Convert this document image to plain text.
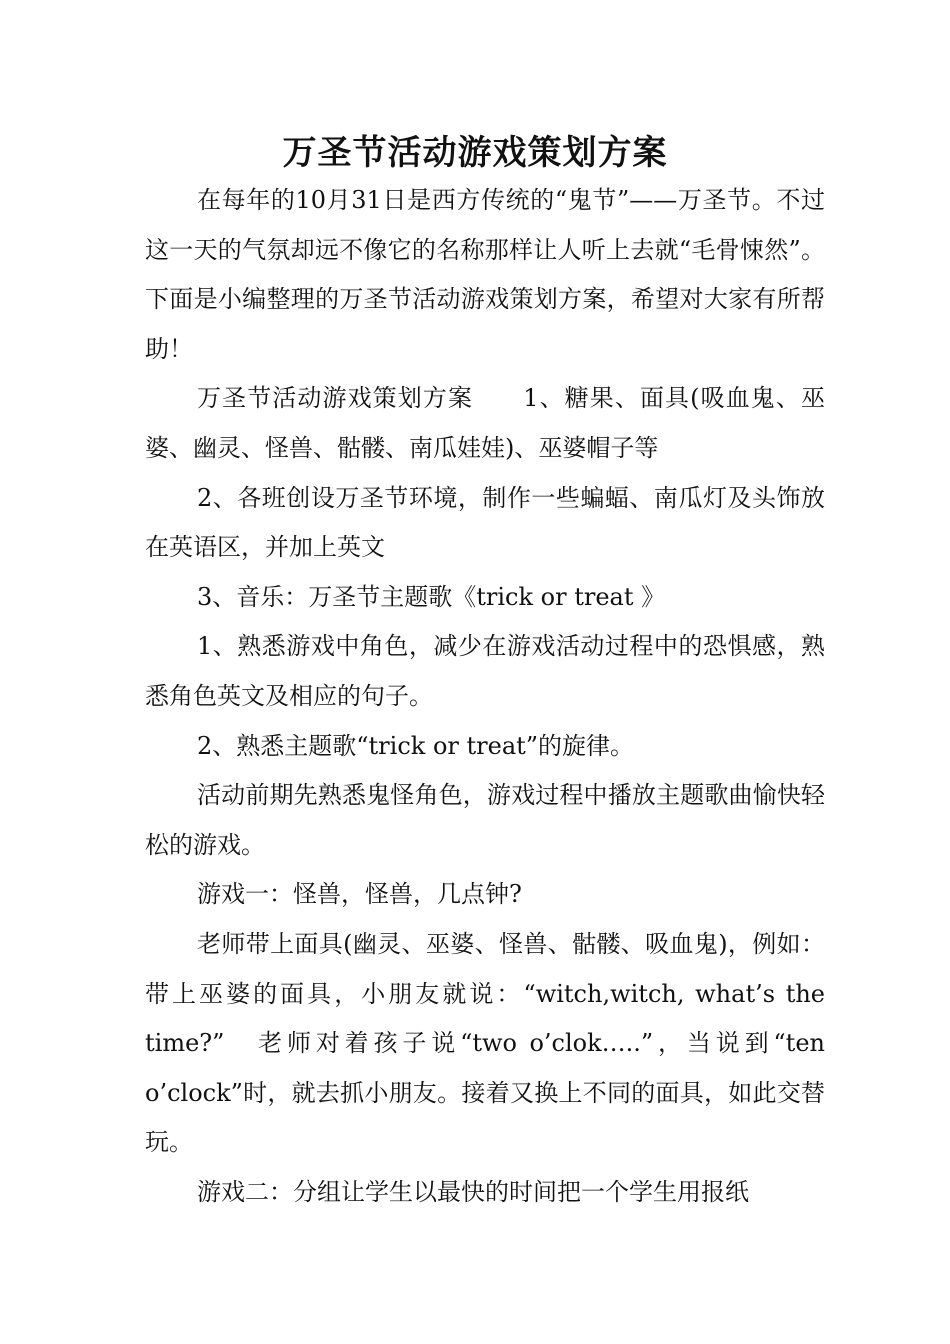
万圣节活动游戏策划方案

在每年的10月31日是西方传统的“鬼节”——万圣节。不过这一天的气氛却远不像它的名称那样让人听上去就“毛骨悚然”。下面是小编整理的万圣节活动游戏策划方案，希望对大家有所帮助！

万圣节活动游戏策划方案　　1、糖果、面具(吸血鬼、巫婆、幽灵、怪兽、骷髅、南瓜娃娃)、巫婆帽子等

2、各班创设万圣节环境，制作一些蝙蝠、南瓜灯及头饰放在英语区，并加上英文

3、音乐：万圣节主题歌《trick or treat 》

1、熟悉游戏中角色，减少在游戏活动过程中的恐惧感，熟悉角色英文及相应的句子。

2、熟悉主题歌“trick or treat”的旋律。

活动前期先熟悉鬼怪角色，游戏过程中播放主题歌曲愉快轻松的游戏。

游戏一：怪兽，怪兽，几点钟?

老师带上面具(幽灵、巫婆、怪兽、骷髅、吸血鬼)，例如：带上巫婆的面具，小朋友就说：“witch,witch, what’s the time?”　老师对着孩子说“two o’clok…..”，当说到“ten o’clock”时，就去抓小朋友。接着又换上不同的面具，如此交替玩。

游戏二：分组让学生以最快的时间把一个学生用报纸
